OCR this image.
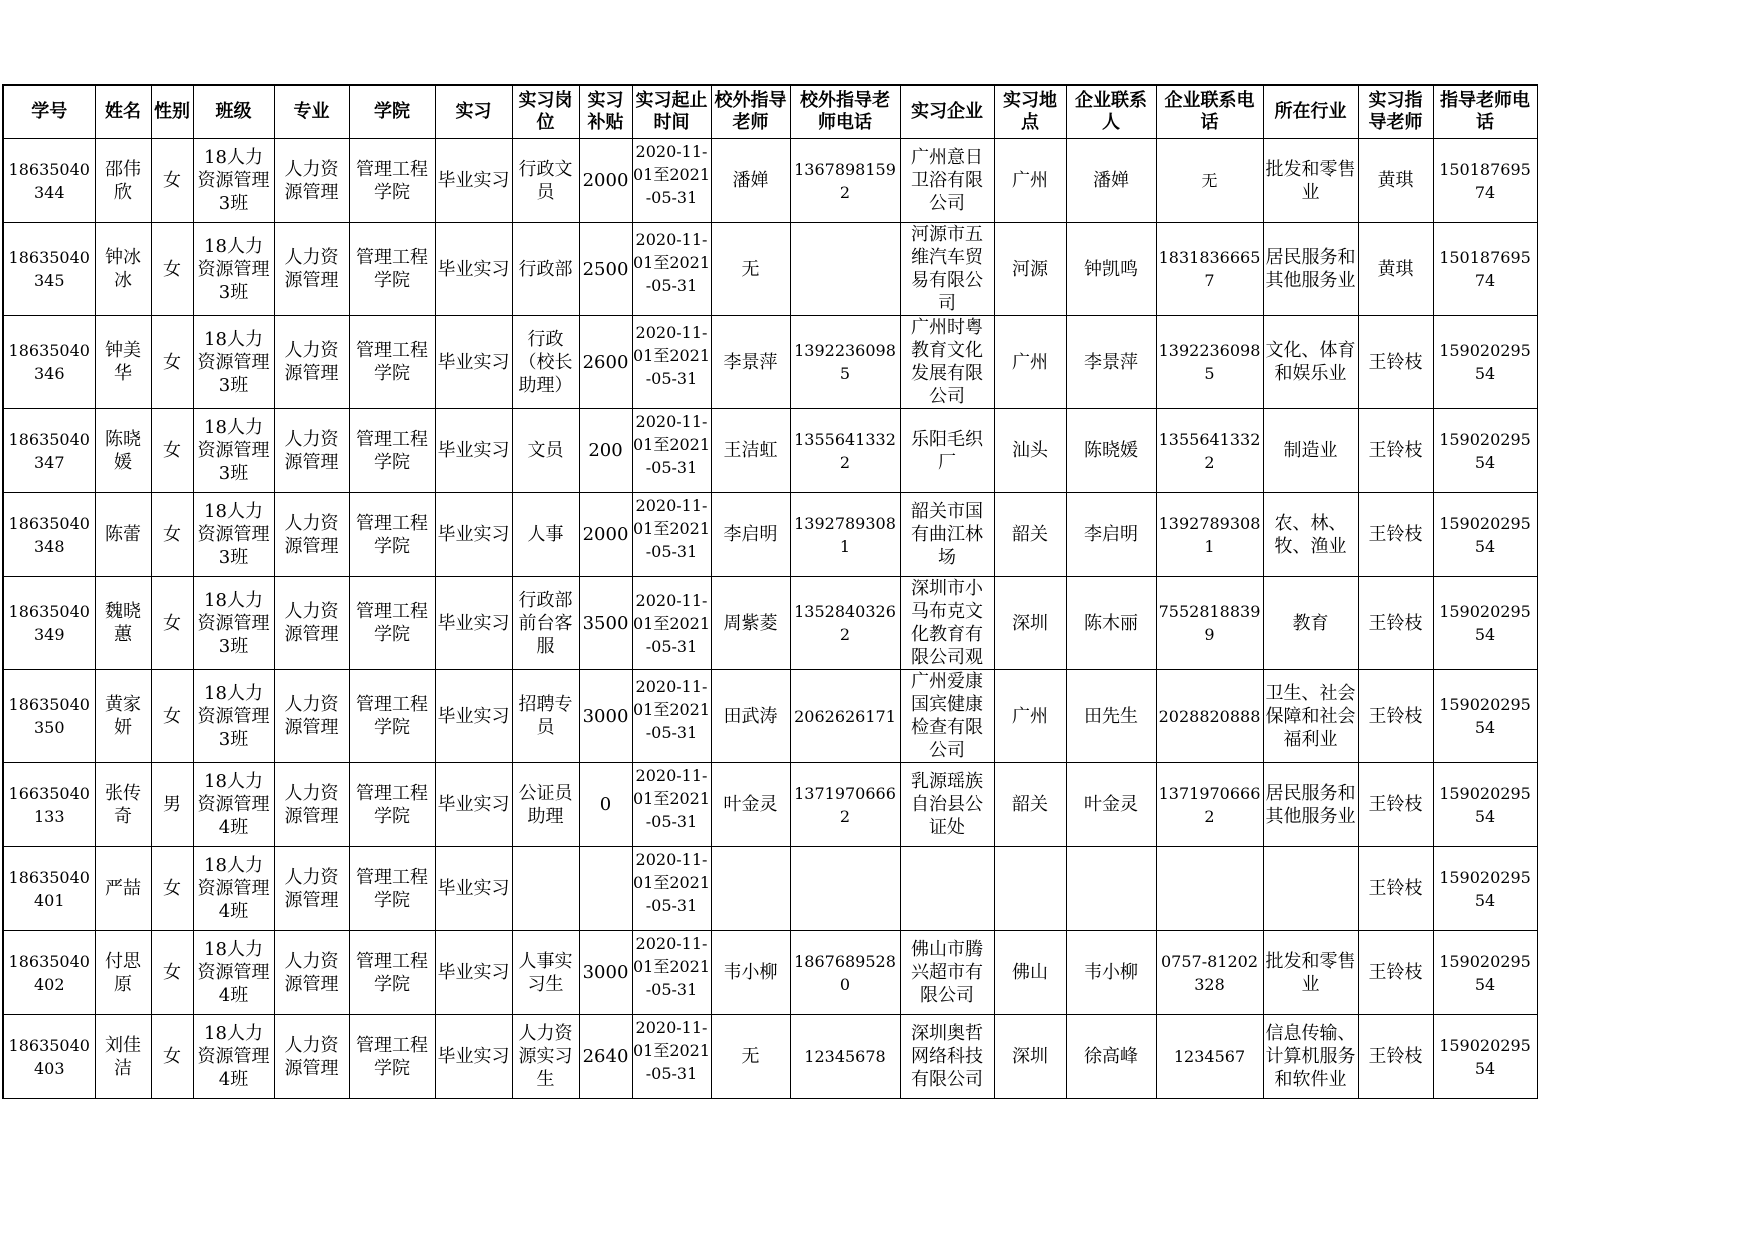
学号	姓名	性别	班级	专业	学院	实习	实习岗位	实习补贴	实习起止时间	校外指导老师	校外指导老师电话	实习企业	实习地点	企业联系人	企业联系电话	所在行业	实习指导老师	指导老师电话
18635040344	邵伟欣	女	18人力资源管理3班	人力资源管理	管理工程学院	毕业实习	行政文员	2000	2020-11-01至2021-05-31	潘婵	13678981592	广州意日卫浴有限公司	广州	潘婵	无	批发和零售业	黄琪	15018769574
18635040345	钟冰冰	女	18人力资源管理3班	人力资源管理	管理工程学院	毕业实习	行政部	2500	2020-11-01至2021-05-31	无		河源市五维汽车贸易有限公司	河源	钟凯鸣	18318366657	居民服务和其他服务业	黄琪	15018769574
18635040346	钟美华	女	18人力资源管理3班	人力资源管理	管理工程学院	毕业实习	行政（校长助理）	2600	2020-11-01至2021-05-31	李景萍	13922360985	广州时粤教育文化发展有限公司	广州	李景萍	13922360985	文化、体育和娱乐业	王铃枝	15902029554
18635040347	陈晓媛	女	18人力资源管理3班	人力资源管理	管理工程学院	毕业实习	文员	200	2020-11-01至2021-05-31	王洁虹	13556413322	乐阳毛织厂	汕头	陈晓媛	13556413322	制造业	王铃枝	15902029554
18635040348	陈蕾	女	18人力资源管理3班	人力资源管理	管理工程学院	毕业实习	人事	2000	2020-11-01至2021-05-31	李启明	13927893081	韶关市国有曲江林场	韶关	李启明	13927893081	农、林、牧、渔业	王铃枝	15902029554
18635040349	魏晓蕙	女	18人力资源管理3班	人力资源管理	管理工程学院	毕业实习	行政部前台客服	3500	2020-11-01至2021-05-31	周紫菱	13528403262	深圳市小马布克文化教育有限公司观	深圳	陈木丽	75528188399	教育	王铃枝	15902029554
18635040350	黄家妍	女	18人力资源管理3班	人力资源管理	管理工程学院	毕业实习	招聘专员	3000	2020-11-01至2021-05-31	田武涛	2062626171	广州爱康国宾健康检查有限公司	广州	田先生	2028820888	卫生、社会保障和社会福利业	王铃枝	15902029554
16635040133	张传奇	男	18人力资源管理4班	人力资源管理	管理工程学院	毕业实习	公证员助理	0	2020-11-01至2021-05-31	叶金灵	13719706662	乳源瑶族自治县公证处	韶关	叶金灵	13719706662	居民服务和其他服务业	王铃枝	15902029554
18635040401	严喆	女	18人力资源管理4班	人力资源管理	管理工程学院	毕业实习			2020-11-01至2021-05-31								王铃枝	15902029554
18635040402	付思原	女	18人力资源管理4班	人力资源管理	管理工程学院	毕业实习	人事实习生	3000	2020-11-01至2021-05-31	韦小柳	18676895280	佛山市腾兴超市有限公司	佛山	韦小柳	0757-81202328	批发和零售业	王铃枝	15902029554
18635040403	刘佳洁	女	18人力资源管理4班	人力资源管理	管理工程学院	毕业实习	人力资源实习生	2640	2020-11-01至2021-05-31	无	12345678	深圳奥哲网络科技有限公司	深圳	徐高峰	1234567	信息传输、计算机服务和软件业	王铃枝	15902029554
